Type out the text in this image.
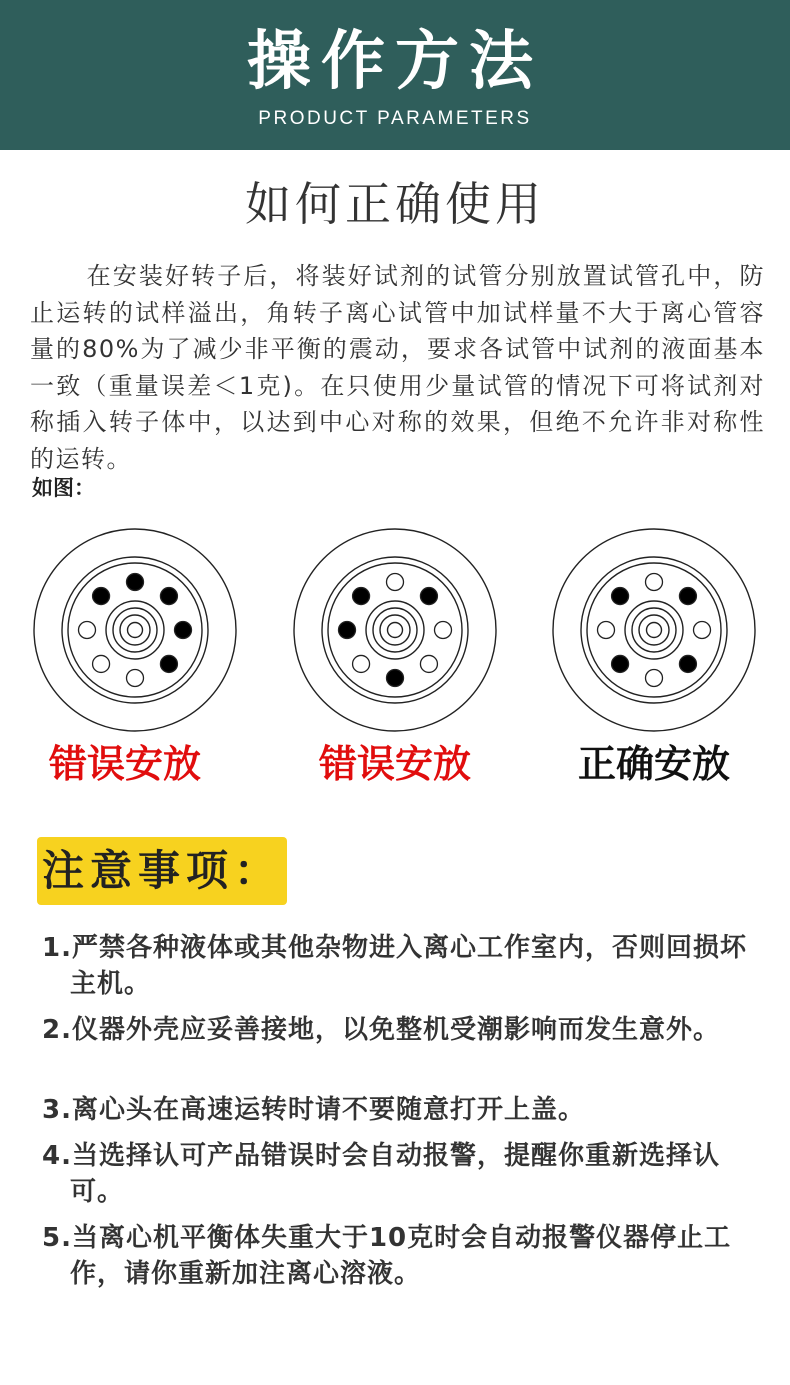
操作方法
PRODUCT PARAMETERS
如何正确使用

在安装好转子后，将装好试剂的试管分别放置试管孔中，防止运转的试样溢出，角转子离心试管中加试样量不大于离心管容量的80%为了减少非平衡的震动，要求各试管中试剂的液面基本一致（重量误差＜1克)。在只使用少量试管的情况下可将试剂对称插入转子体中，以达到中心对称的效果，但绝不允许非对称性的运转。

如图：
错误安放	错误安放	正确安放
注意事项：
1.严禁各种液体或其他杂物进入离心工作室内，否则回损坏主机。
2.仪器外壳应妥善接地，以免整机受潮影响而发生意外。
3.离心头在高速运转时请不要随意打开上盖。
4.当选择认可产品错误时会自动报警，提醒你重新选择认可。
5.当离心机平衡体失重大于10克时会自动报警仪器停止工作，请你重新加注离心溶液。
